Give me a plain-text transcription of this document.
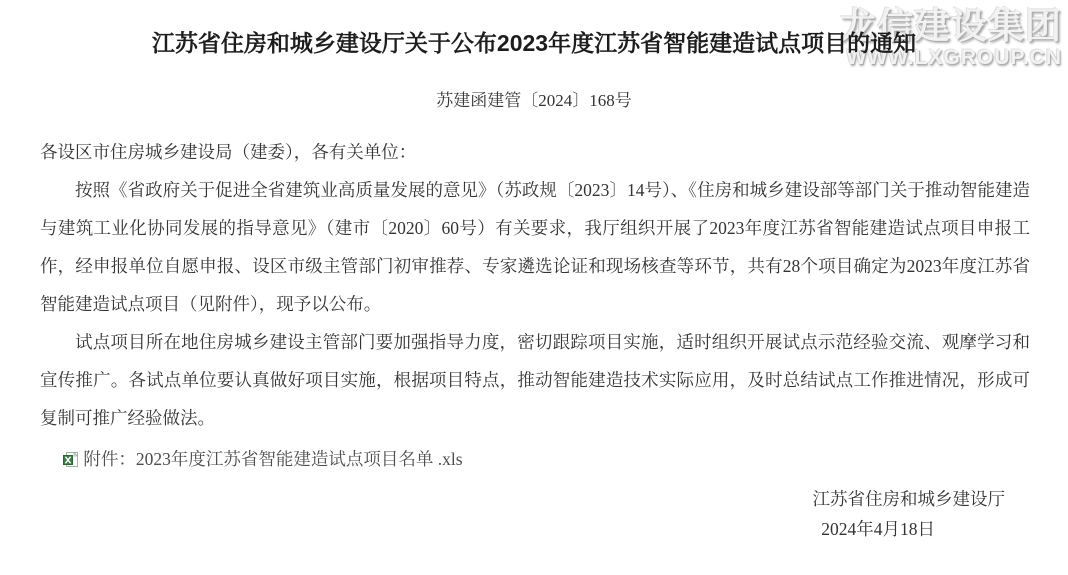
龙信建设集团
WWW.LXGROUP.CN
江苏省住房和城乡建设厅关于公布2023年度江苏省智能建造试点项目的通知
苏建函建管〔2024〕168号

各设区市住房城乡建设局（建委），各有关单位：

按照《省政府关于促进全省建筑业高质量发展的意见》（苏政规〔2023〕14号）、《住房和城乡建设部等部门关于推动智能建造与建筑工业化协同发展的指导意见》（建市〔2020〕60号）有关要求，我厅组织开展了2023年度江苏省智能建造试点项目申报工作，经申报单位自愿申报、设区市级主管部门初审推荐、专家遴选论证和现场核查等环节，共有28个项目确定为2023年度江苏省智能建造试点项目（见附件），现予以公布。

试点项目所在地住房城乡建设主管部门要加强指导力度，密切跟踪项目实施，适时组织开展试点示范经验交流、观摩学习和宣传推广。各试点单位要认真做好项目实施，根据项目特点，推动智能建造技术实际应用，及时总结试点工作推进情况，形成可复制可推广经验做法。

附件：2023年度江苏省智能建造试点项目名单 .xls
江苏省住房和城乡建设厅
2024年4月18日
